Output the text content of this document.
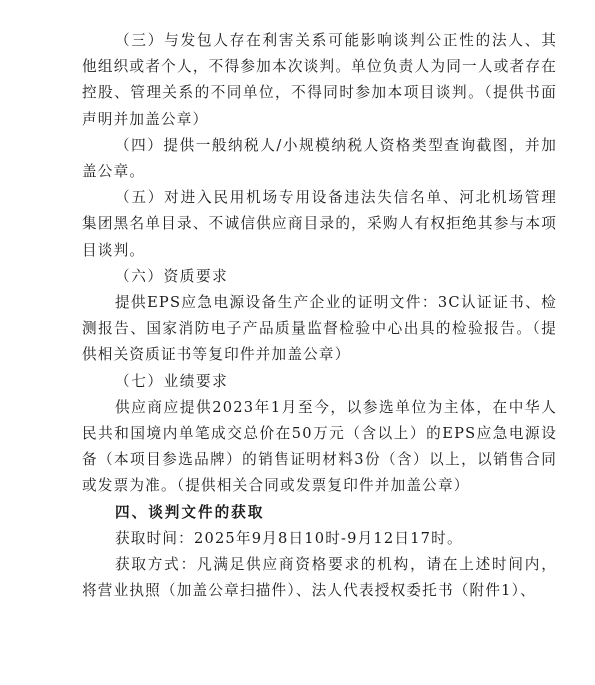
（三）与发包人存在利害关系可能影响谈判公正性的法人、其他组织或者个人，不得参加本次谈判。单位负责人为同一人或者存在控股、管理关系的不同单位，不得同时参加本项目谈判。（提供书面声明并加盖公章）

（四）提供一般纳税人/小规模纳税人资格类型查询截图，并加盖公章。

（五）对进入民用机场专用设备违法失信名单、河北机场管理集团黑名单目录、不诚信供应商目录的，采购人有权拒绝其参与本项目谈判。

（六）资质要求

提供EPS应急电源设备生产企业的证明文件：3C认证证书、检测报告、国家消防电子产品质量监督检验中心出具的检验报告。（提供相关资质证书等复印件并加盖公章）

（七）业绩要求

供应商应提供2023年1月至今，以参选单位为主体，在中华人民共和国境内单笔成交总价在50万元（含以上）的EPS应急电源设备（本项目参选品牌）的销售证明材料3份（含）以上，以销售合同或发票为准。（提供相关合同或发票复印件并加盖公章）

四、谈判文件的获取

获取时间：2025年9月8日10时-9月12日17时。

获取方式：凡满足供应商资格要求的机构，请在上述时间内，将营业执照（加盖公章扫描件）、法人代表授权委托书（附件1）、
